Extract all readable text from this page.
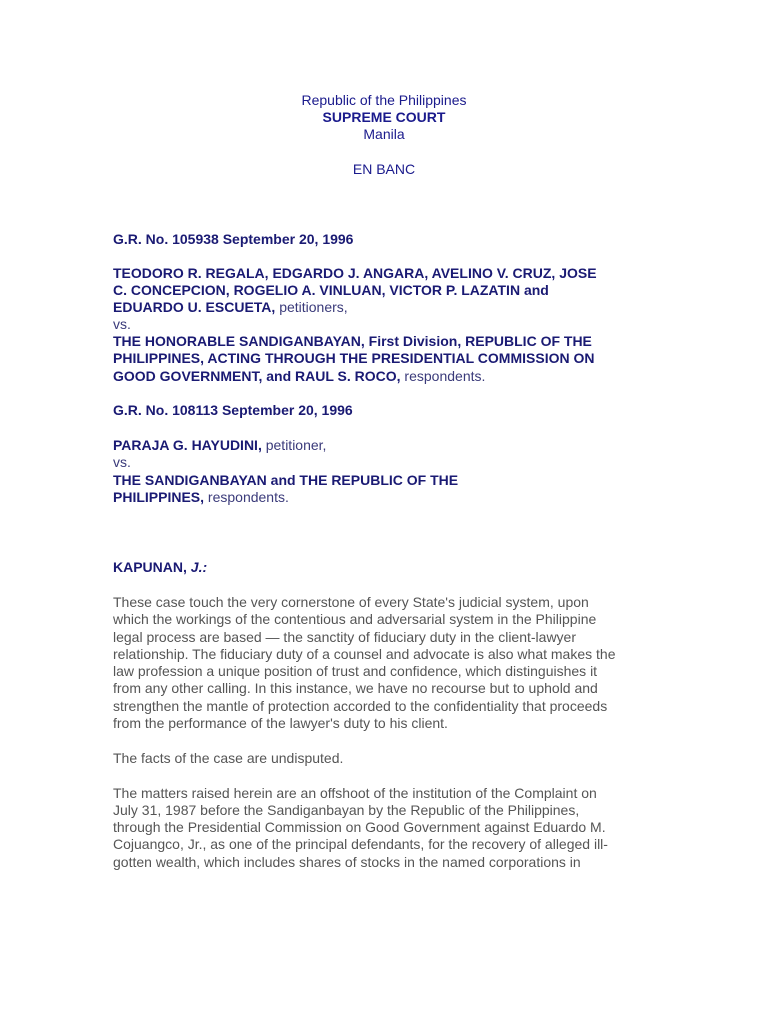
Republic of the Philippines
SUPREME COURT
Manila
EN BANC
G.R. No. 105938 September 20, 1996
TEODORO R. REGALA, EDGARDO J. ANGARA, AVELINO V. CRUZ, JOSE
C. CONCEPCION, ROGELIO A. VINLUAN, VICTOR P. LAZATIN and
EDUARDO U. ESCUETA, petitioners,
vs.
THE HONORABLE SANDIGANBAYAN, First Division, REPUBLIC OF THE
PHILIPPINES, ACTING THROUGH THE PRESIDENTIAL COMMISSION ON
GOOD GOVERNMENT, and RAUL S. ROCO, respondents.
G.R. No. 108113 September 20, 1996
PARAJA G. HAYUDINI, petitioner,
vs.
THE SANDIGANBAYAN and THE REPUBLIC OF THE
PHILIPPINES, respondents.
KAPUNAN, J.:
These case touch the very cornerstone of every State's judicial system, upon
which the workings of the contentious and adversarial system in the Philippine
legal process are based — the sanctity of fiduciary duty in the client-lawyer
relationship. The fiduciary duty of a counsel and advocate is also what makes the
law profession a unique position of trust and confidence, which distinguishes it
from any other calling. In this instance, we have no recourse but to uphold and
strengthen the mantle of protection accorded to the confidentiality that proceeds
from the performance of the lawyer's duty to his client.
The facts of the case are undisputed.
The matters raised herein are an offshoot of the institution of the Complaint on
July 31, 1987 before the Sandiganbayan by the Republic of the Philippines,
through the Presidential Commission on Good Government against Eduardo M.
Cojuangco, Jr., as one of the principal defendants, for the recovery of alleged ill-
gotten wealth, which includes shares of stocks in the named corporations in
